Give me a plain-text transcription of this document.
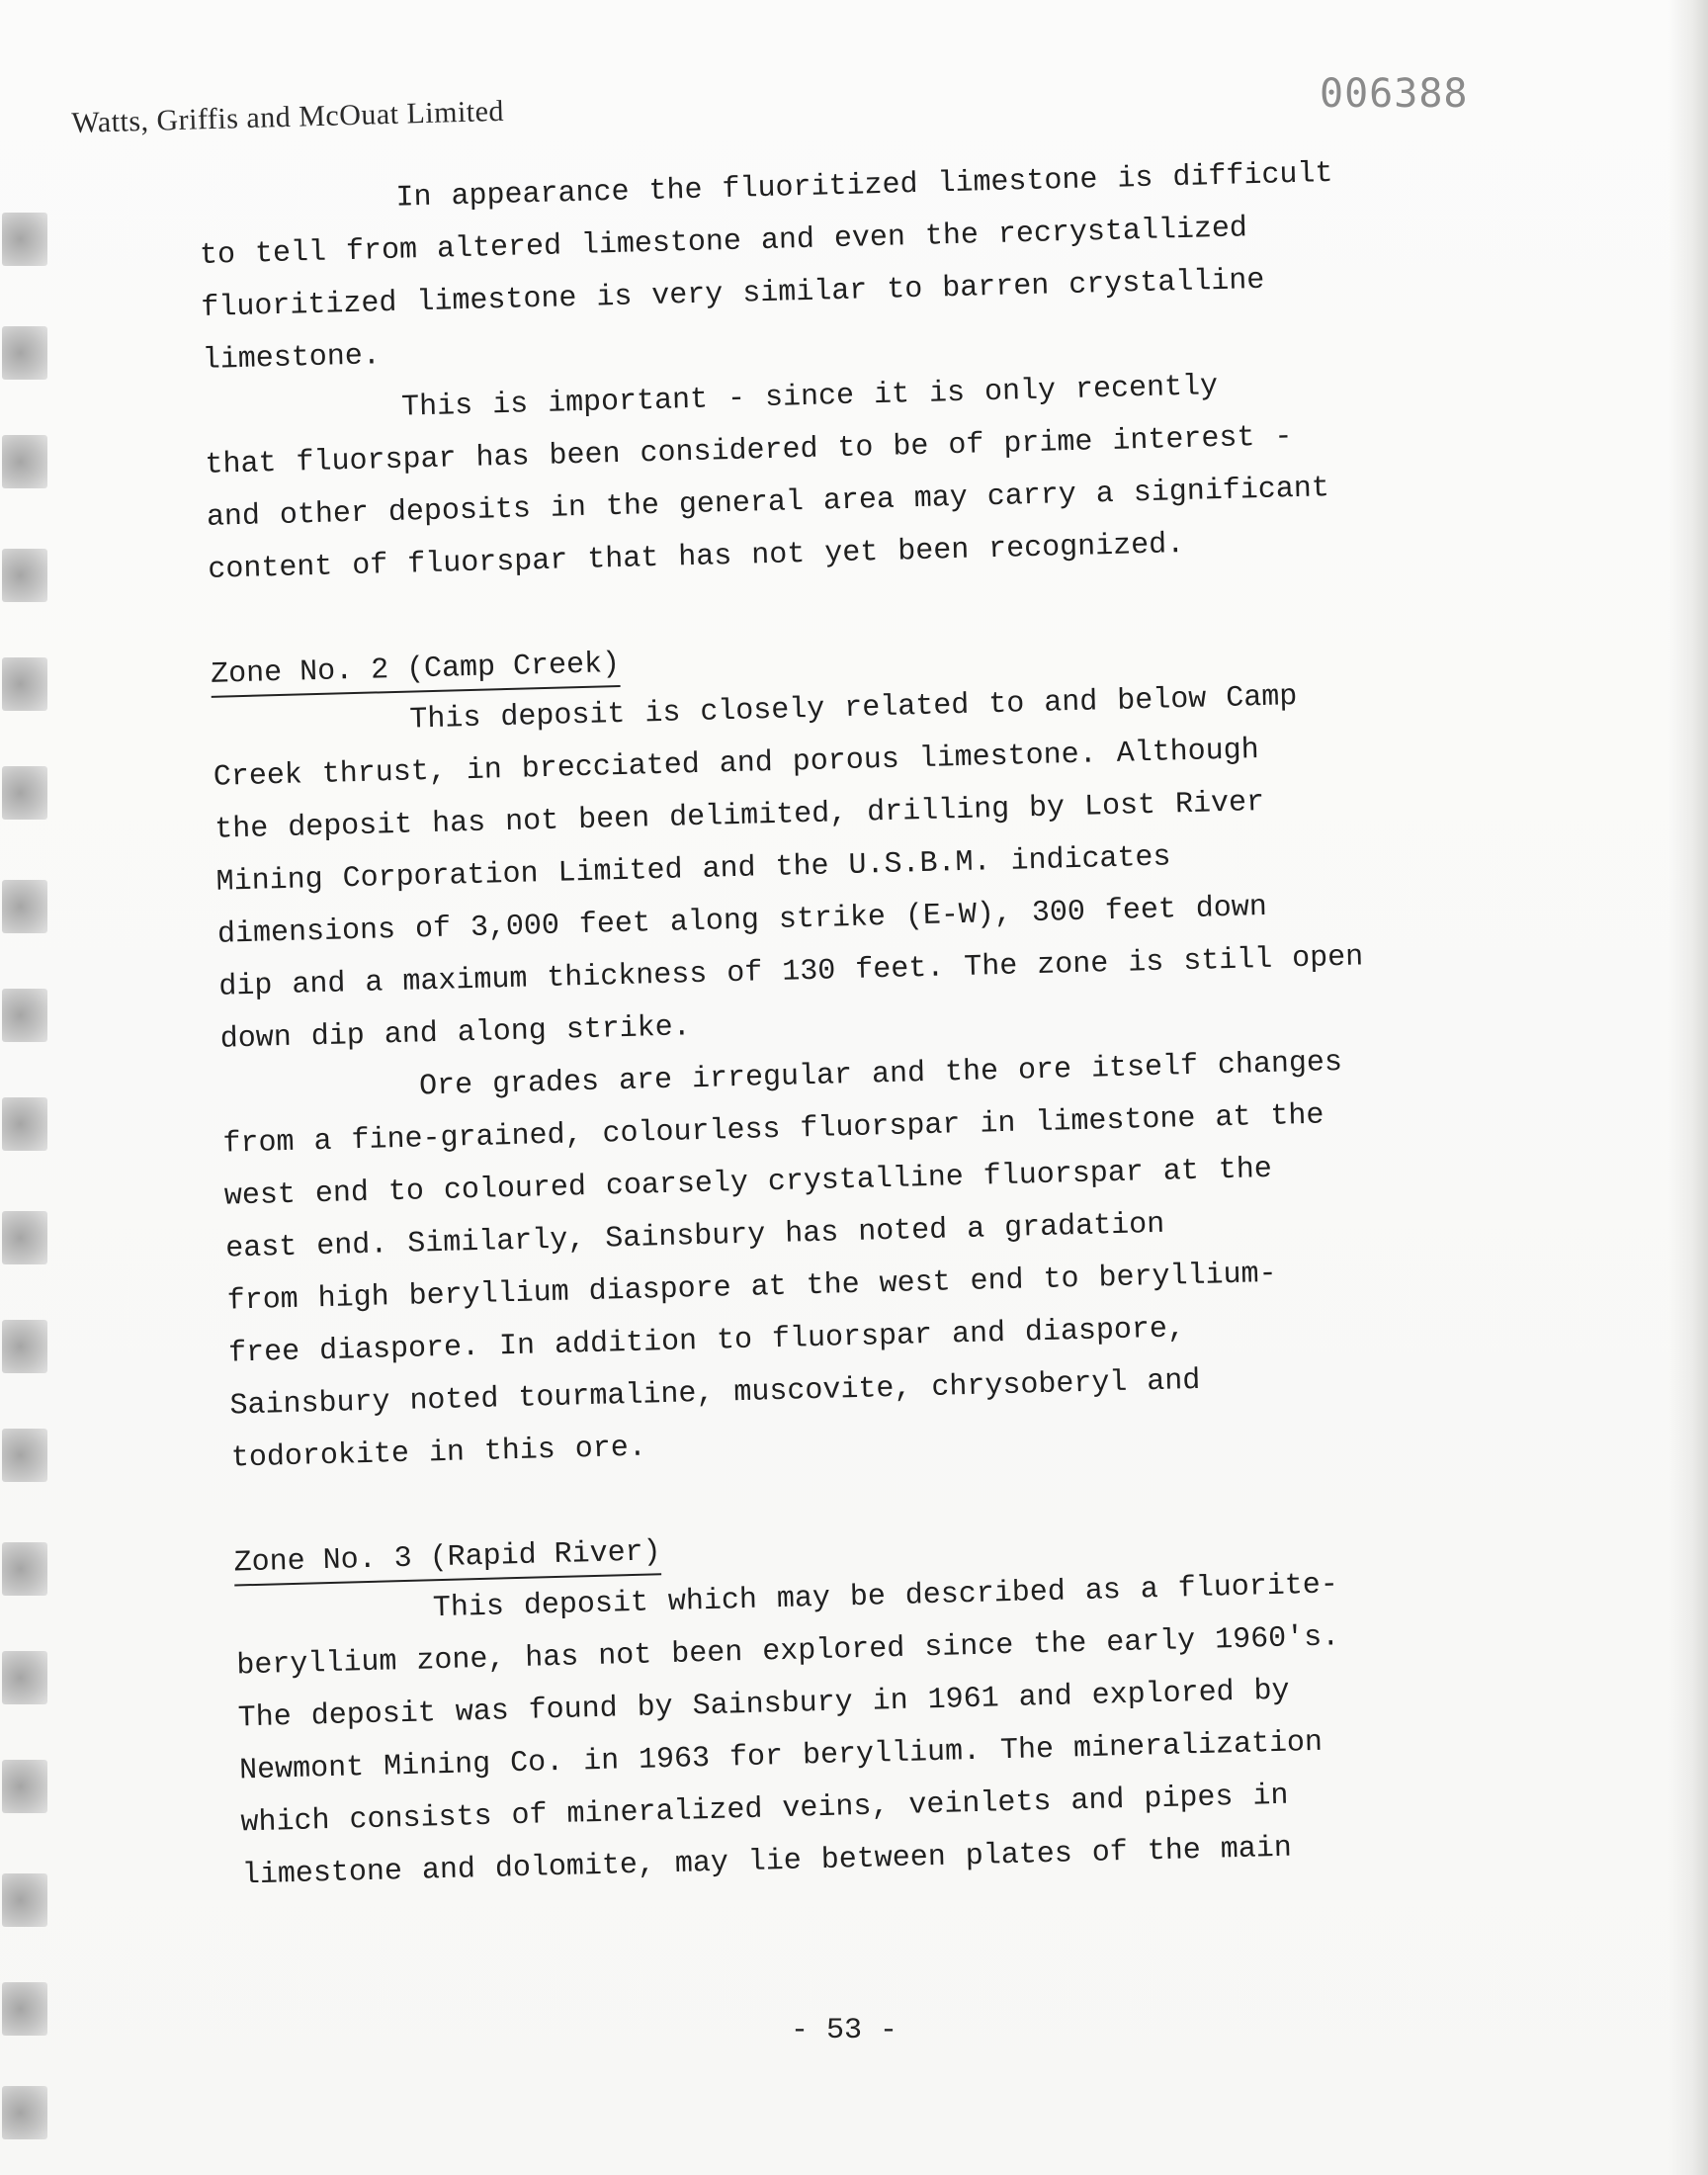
Watts, Griffis and McOuat Limited
006388

In appearance the fluoritized limestone is difficult
to tell from altered limestone and even the recrystallized
fluoritized limestone is very similar to barren crystalline
limestone.

This is important - since it is only recently
that fluorspar has been considered to be of prime interest -
and other deposits in the general area may carry a significant
content of fluorspar that has not yet been recognized.

Zone No. 2 (Camp Creek)

This deposit is closely related to and below Camp
Creek thrust, in brecciated and porous limestone. Although
the deposit has not been delimited, drilling by Lost River
Mining Corporation Limited and the U.S.B.M. indicates
dimensions of 3,000 feet along strike (E-W), 300 feet down
dip and a maximum thickness of 130 feet. The zone is still open
down dip and along strike.

Ore grades are irregular and the ore itself changes
from a fine-grained, colourless fluorspar in limestone at the
west end to coloured coarsely crystalline fluorspar at the
east end. Similarly, Sainsbury has noted a gradation
from high beryllium diaspore at the west end to beryllium-
free diaspore. In addition to fluorspar and diaspore,
Sainsbury noted tourmaline, muscovite, chrysoberyl and
todorokite in this ore.

Zone No. 3 (Rapid River)

This deposit which may be described as a fluorite-
beryllium zone, has not been explored since the early 1960's.
The deposit was found by Sainsbury in 1961 and explored by
Newmont Mining Co. in 1963 for beryllium. The mineralization
which consists of mineralized veins, veinlets and pipes in
limestone and dolomite, may lie between plates of the main

- 53 -
